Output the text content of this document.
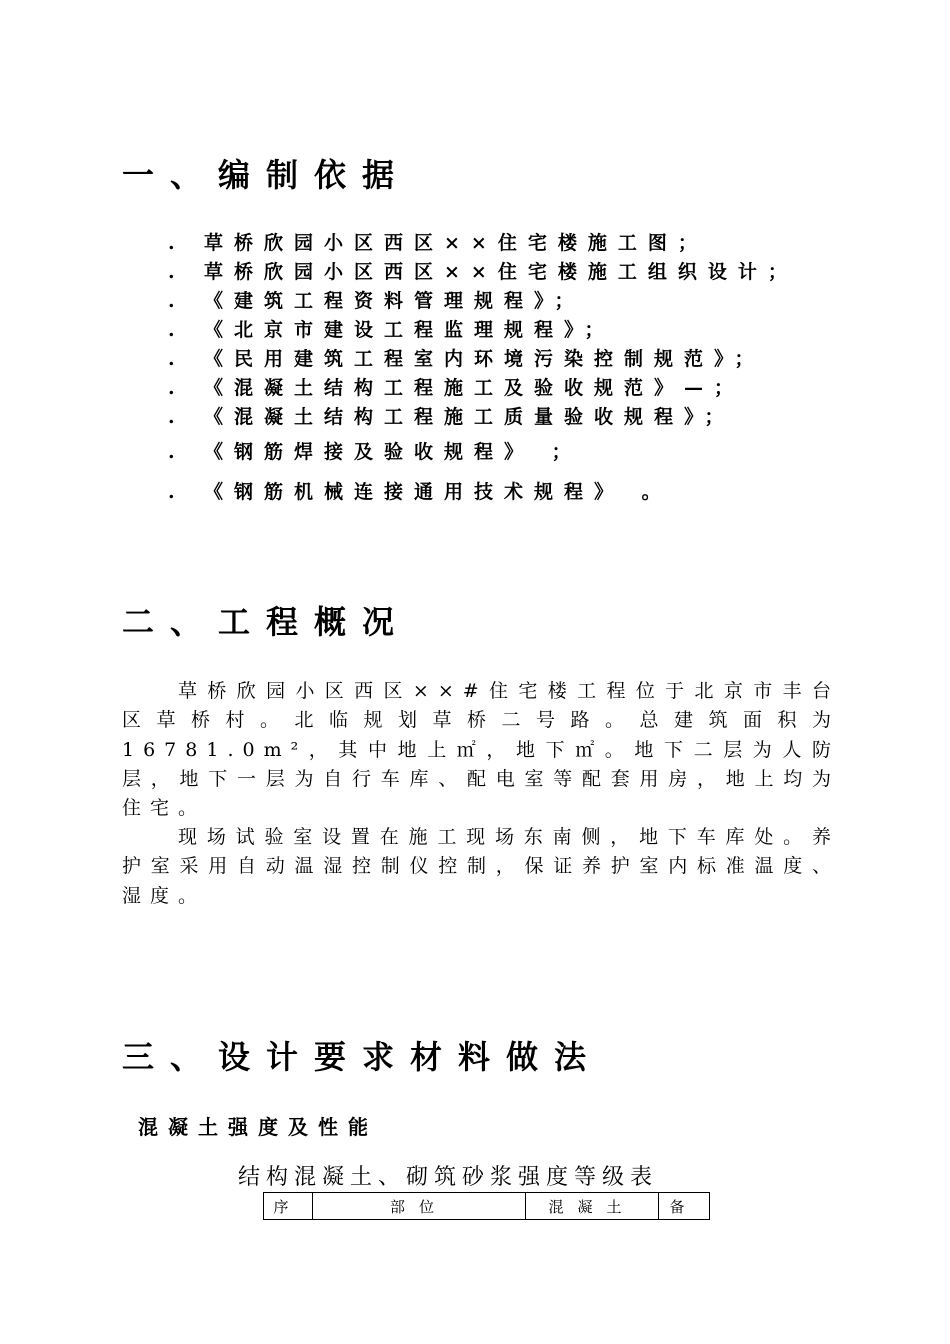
一、编制依据
. 草桥欣园小区西区××住宅楼施工图；
. 草桥欣园小区西区××住宅楼施工组织设计；
. 《建筑工程资料管理规程》；
. 《北京市建设工程监理规程》；
. 《民用建筑工程室内环境污染控制规范》；
. 《混凝土结构工程施工及验收规范》—；
. 《混凝土结构工程施工质量验收规程》；
. 《钢筋焊接及验收规程》 ；
. 《钢筋机械连接通用技术规程》 。
二、工程概况

草桥欣园小区西区××#住宅楼工程位于北京市丰台区草桥村。北临规划草桥二号路。总建筑面积为16781.0m²，其中地上㎡，地下㎡。地下二层为人防层，地下一层为自行车库、配电室等配套用房，地上均为住宅。

现场试验室设置在施工现场东南侧，地下车库处。养护室采用自动温湿控制仪控制，保证养护室内标准温度、湿度。

三、设计要求材料做法
混凝土强度及性能
结构混凝土、砌筑砂浆强度等级表
序	部位	混凝土	备
